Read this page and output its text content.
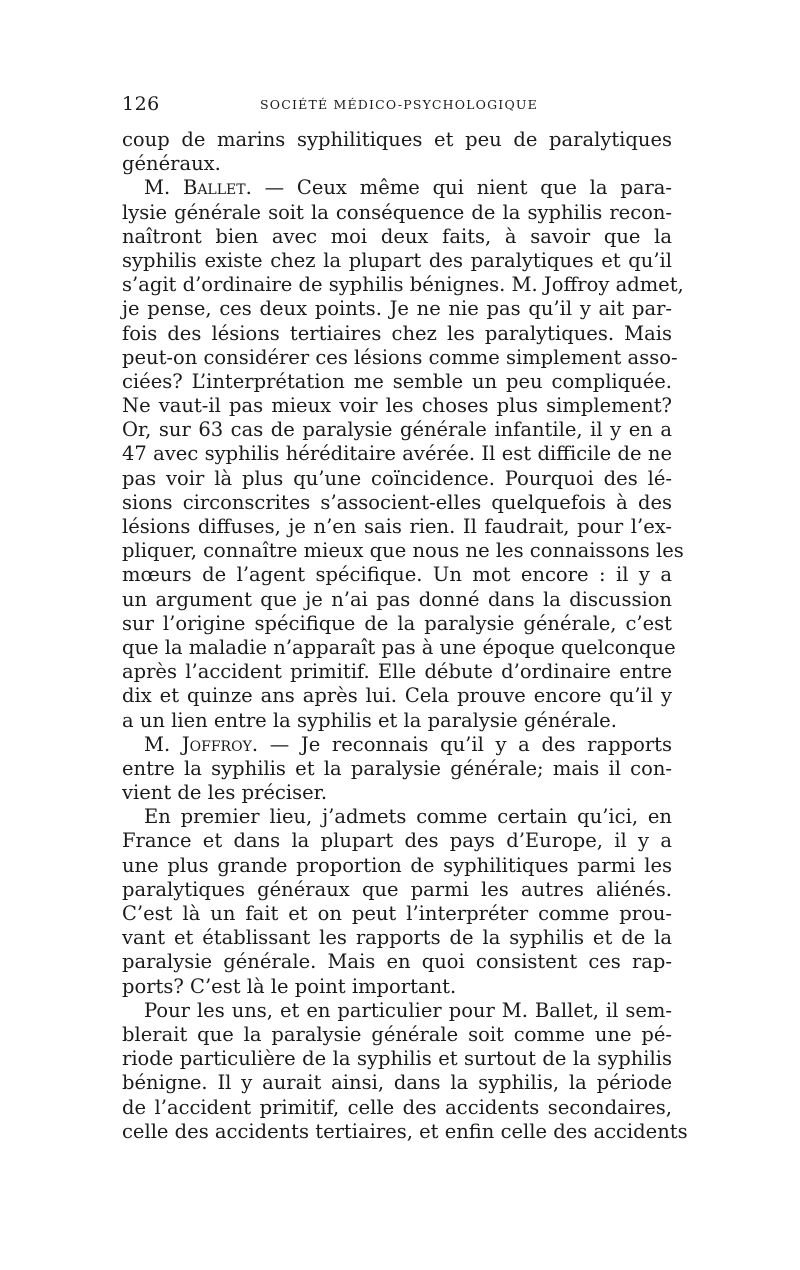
126	SOCIÉTÉ MÉDICO-PSYCHOLOGIQUE
coup de marins syphilitiques et peu de paralytiques
généraux.
M. Ballet. — Ceux même qui nient que la para-
lysie générale soit la conséquence de la syphilis recon-
naîtront bien avec moi deux faits, à savoir que la
syphilis existe chez la plupart des paralytiques et qu’il
s’agit d’ordinaire de syphilis bénignes. M. Joffroy admet,
je pense, ces deux points. Je ne nie pas qu’il y ait par-
fois des lésions tertiaires chez les paralytiques. Mais
peut-on considérer ces lésions comme simplement asso-
ciées? L’interprétation me semble un peu compliquée.
Ne vaut-il pas mieux voir les choses plus simplement?
Or, sur 63 cas de paralysie générale infantile, il y en a
47 avec syphilis héréditaire avérée. Il est difficile de ne
pas voir là plus qu’une coïncidence. Pourquoi des lé-
sions circonscrites s’associent-elles quelquefois à des
lésions diffuses, je n’en sais rien. Il faudrait, pour l’ex-
pliquer, connaître mieux que nous ne les connaissons les
mœurs de l’agent spécifique. Un mot encore : il y a
un argument que je n’ai pas donné dans la discussion
sur l’origine spécifique de la paralysie générale, c’est
que la maladie n’apparaît pas à une époque quelconque
après l’accident primitif. Elle débute d’ordinaire entre
dix et quinze ans après lui. Cela prouve encore qu’il y
a un lien entre la syphilis et la paralysie générale.
M. Joffroy. — Je reconnais qu’il y a des rapports
entre la syphilis et la paralysie générale; mais il con-
vient de les préciser.
En premier lieu, j’admets comme certain qu’ici, en
France et dans la plupart des pays d’Europe, il y a
une plus grande proportion de syphilitiques parmi les
paralytiques généraux que parmi les autres aliénés.
C’est là un fait et on peut l’interpréter comme prou-
vant et établissant les rapports de la syphilis et de la
paralysie générale. Mais en quoi consistent ces rap-
ports? C’est là le point important.
Pour les uns, et en particulier pour M. Ballet, il sem-
blerait que la paralysie générale soit comme une pé-
riode particulière de la syphilis et surtout de la syphilis
bénigne. Il y aurait ainsi, dans la syphilis, la période
de l’accident primitif, celle des accidents secondaires,
celle des accidents tertiaires, et enfin celle des accidents
